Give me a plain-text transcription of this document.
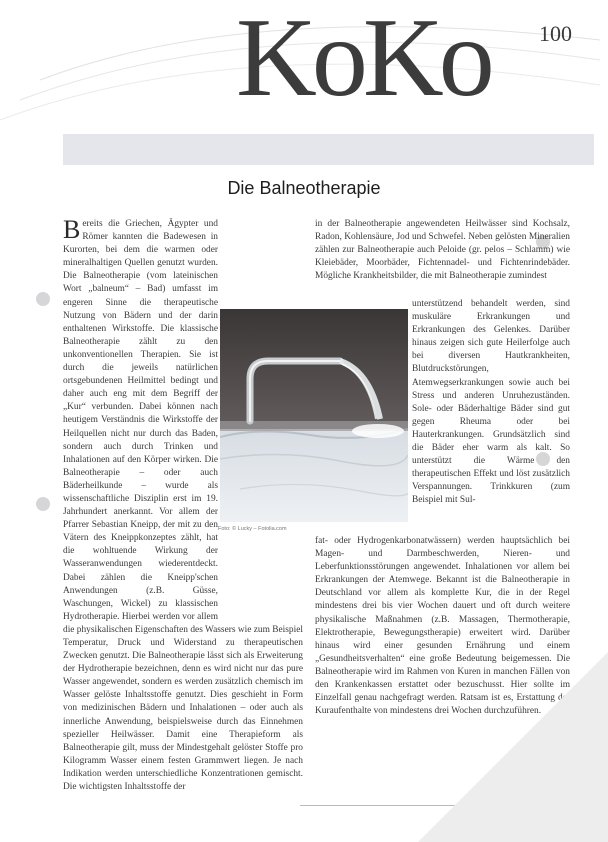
KoKo 100
Die Balneotherapie
B ereits die Griechen, Ägypter und Römer kannten die Badewesen in Kurorten, bei dem die warmen oder mineralhaltigen Quellen genutzt wurden. Die Balneotherapie (vom lateinischen Wort „balneum“ – Bad) umfasst im engeren Sinne die therapeutische Nutzung von Bädern und der darin enthaltenen Wirkstoffe. Die klassische Balneotherapie zählt zu den unkonventionellen Therapien. Sie ist durch die jeweils natürlichen ortsgebundenen Heilmittel bedingt und daher auch eng mit dem Begriff der „Kur“ verbunden. Dabei können nach heutigem Verständnis die Wirkstoffe der Heilquellen nicht nur durch das Baden, sondern auch durch Trinken und Inhalationen auf den Körper wirken. Die Balneotherapie – oder auch Bäderheilkunde – wurde als wissenschaftliche Disziplin erst im 19. Jahrhundert anerkannt. Vor allem der Pfarrer Sebastian Kneipp, der mit zu den Vätern des Kneippkonzeptes zählt, hat die wohltuende Wirkung der Wasseranwendungen wiederentdeckt. Dabei zählen die Kneipp'schen Anwendungen (z.B. Güsse, Waschungen, Wickel) zu klassischen Hydrotherapie. Hierbei werden vor allem die physikalischen Eigenschaften des Wassers wie zum Beispiel Temperatur, Druck und Widerstand zu therapeutischen Zwecken genutzt. Die Balneotherapie lässt sich als Erweiterung der Hydrotherapie bezeichnen, denn es wird nicht nur das pure Wasser angewendet, sondern es werden zusätzlich chemisch im Wasser gelöste Inhaltsstoffe genutzt. Dies geschieht in Form von medizinischen Bädern und Inhalationen – oder auch als innerliche Anwendung, beispielsweise durch das Einnehmen spezieller Heilwässer. Damit eine Therapieform als Balneotherapie gilt, muss der Mindestgehalt gelöster Stoffe pro Kilogramm Wasser einem festen Grammwert liegen. Je nach Indikation werden unterschiedliche Konzentrationen gemischt. Die wichtigsten Inhaltsstoffe der
in der Balneotherapie angewendeten Heilwässer sind Kochsalz, Radon, Kohlensäure, Jod und Schwefel. Neben gelösten Mineralien zählen zur Balneotherapie auch Peloide (gr. pelos – Schlamm) wie Kleiebäder, Moorbäder, Fichtennadel- und Fichtenrindebäder. Mögliche Krankheitsbilder, die mit Balneotherapie zumindest
unterstützend behandelt werden, sind muskuläre Erkrankungen und Erkrankungen des Gelenkes. Darüber hinaus zeigen sich gute Heilerfolge auch bei diversen Hautkrankheiten, Blutdruckstörungen, Atemwegserkrankungen sowie auch bei Stress und anderen Unruhezuständen. Sole- oder Bäderhaltige Bäder sind gut gegen Rheuma oder bei Hauterkrankungen. Grundsätzlich sind die Bäder eher warm als kalt. So unterstützt die Wärme den therapeutischen Effekt und löst zusätzlich Verspannungen. Trinkkuren (zum Beispiel mit Sul-
fat- oder Hydrogenkarbonatwässern) werden hauptsächlich bei Magen- und Darmbeschwerden, Nieren- und Leberfunktionsstörungen angewendet. Inhalationen vor allem bei Erkrankungen der Atemwege. Bekannt ist die Balneotherapie in Deutschland vor allem als komplette Kur, die in der Regel mindestens drei bis vier Wochen dauert und oft durch weitere physikalische Maßnahmen (z.B. Massagen, Thermotherapie, Elektrotherapie, Bewegungstherapie) erweitert wird. Darüber hinaus wird einer gesunden Ernährung und einem „Gesundheitsverhalten“ eine große Bedeutung beigemessen. Die Balneotherapie wird im Rahmen von Kuren in manchen Fällen von den Krankenkassen erstattet oder bezuschusst. Hier sollte im Einzelfall genau nachgefragt werden. Ratsam ist es, Erstattung der Kuraufenthalte von mindestens drei Wochen durchzuführen.
Foto: © Lucky – Fotolia.com
